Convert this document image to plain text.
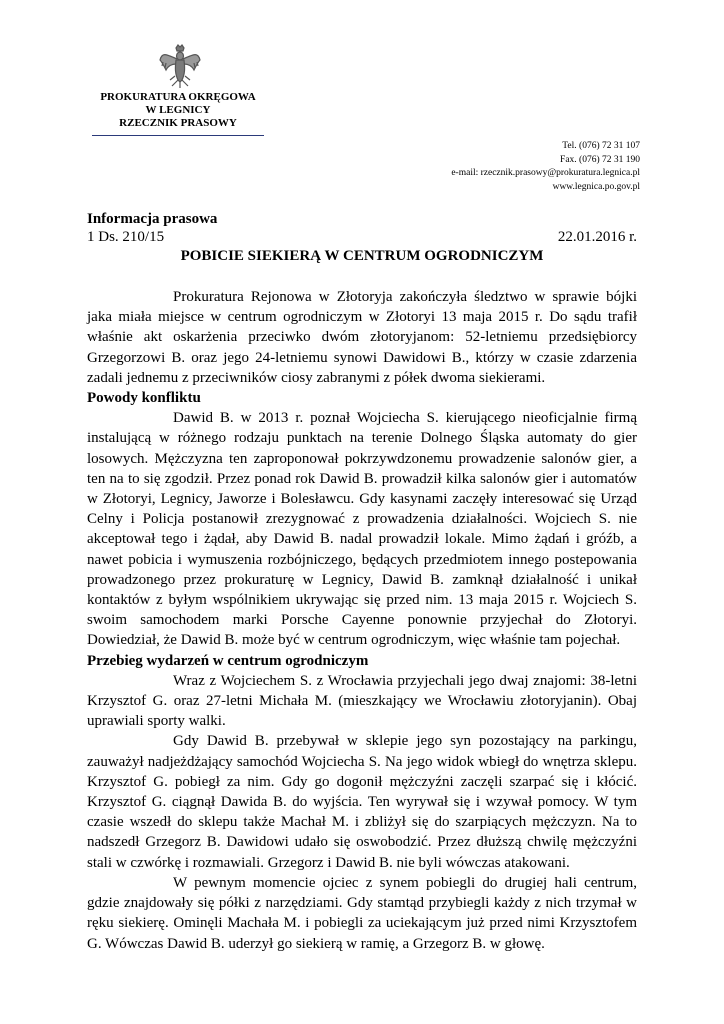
PROKURATURA OKRĘGOWA
W LEGNICY
RZECZNIK PRASOWY
Tel. (076) 72 31 107
Fax. (076) 72 31 190
e-mail: rzecznik.prasowy@prokuratura.legnica.pl
www.legnica.po.gov.pl
Informacja prasowa
1 Ds. 210/15	22.01.2016 r.
POBICIE SIEKIERĄ W CENTRUM OGRODNICZYM

Prokuratura Rejonowa w Złotoryja zakończyła śledztwo w sprawie bójki jaka miała miejsce w centrum ogrodniczym w Złotoryi 13 maja 2015 r. Do sądu trafił właśnie akt oskarżenia przeciwko dwóm złotoryjanom: 52-letniemu przedsiębiorcy Grzegorzowi B. oraz jego 24-letniemu synowi Dawidowi B., którzy w czasie zdarzenia zadali jednemu z przeciwników ciosy zabranymi z półek dwoma siekierami.

Powody konfliktu

Dawid B. w 2013 r. poznał Wojciecha S. kierującego nieoficjalnie firmą instalującą w różnego rodzaju punktach na terenie Dolnego Śląska automaty do gier losowych. Mężczyzna ten zaproponował pokrzywdzonemu prowadzenie salonów gier, a ten na to się zgodził. Przez ponad rok Dawid B. prowadził kilka salonów gier i automatów w Złotoryi, Legnicy, Jaworze i Bolesławcu. Gdy kasynami zaczęły interesować się Urząd Celny i Policja postanowił zrezygnować z prowadzenia działalności. Wojciech S. nie akceptował tego i żądał, aby Dawid B. nadal prowadził lokale. Mimo żądań i gróźb, a nawet pobicia i wymuszenia rozbójniczego, będących przedmiotem innego postepowania prowadzonego przez prokuraturę w Legnicy, Dawid B. zamknął działalność i unikał kontaktów z byłym wspólnikiem ukrywając się przed nim. 13 maja 2015 r. Wojciech S. swoim samochodem marki Porsche Cayenne ponownie przyjechał do Złotoryi. Dowiedział, że Dawid B. może być w centrum ogrodniczym, więc właśnie tam pojechał.

Przebieg wydarzeń w centrum ogrodniczym

Wraz z Wojciechem S. z Wrocławia przyjechali jego dwaj znajomi: 38-letni Krzysztof G. oraz 27-letni Michała M. (mieszkający we Wrocławiu złotoryjanin). Obaj uprawiali sporty walki.

Gdy Dawid B. przebywał w sklepie jego syn pozostający na parkingu, zauważył nadjeżdżający samochód Wojciecha S. Na jego widok wbiegł do wnętrza sklepu. Krzysztof G. pobiegł za nim. Gdy go dogonił mężczyźni zaczęli szarpać się i kłócić. Krzysztof G. ciągnął Dawida B. do wyjścia. Ten wyrywał się i wzywał pomocy. W tym czasie wszedł do sklepu także Machał M. i zbliżył się do szarpiących mężczyzn. Na to nadszedł Grzegorz B. Dawidowi udało się oswobodzić. Przez dłuższą chwilę mężczyźni stali w czwórkę i rozmawiali. Grzegorz i Dawid B. nie byli wówczas atakowani.

W pewnym momencie ojciec z synem pobiegli do drugiej hali centrum, gdzie znajdowały się półki z narzędziami. Gdy stamtąd przybiegli każdy z nich trzymał w ręku siekierę. Ominęli Machała M. i pobiegli za uciekającym już przed nimi Krzysztofem G. Wówczas Dawid B. uderzył go siekierą w ramię, a Grzegorz B. w głowę.
